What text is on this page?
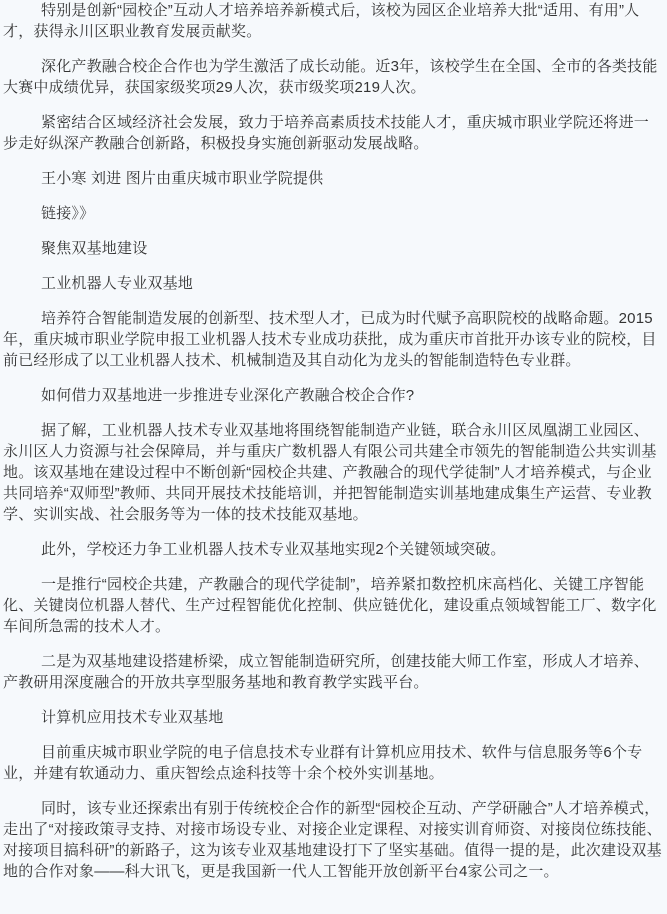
特别是创新“园校企”互动人才培养培养新模式后，该校为园区企业培养大批“适用、有用”人才，获得永川区职业教育发展贡献奖。

深化产教融合校企合作也为学生激活了成长动能。近3年，该校学生在全国、全市的各类技能大赛中成绩优异，获国家级奖项29人次，获市级奖项219人次。

紧密结合区域经济社会发展，致力于培养高素质技术技能人才，重庆城市职业学院还将进一步走好纵深产教融合创新路，积极投身实施创新驱动发展战略。

王小寒 刘进 图片由重庆城市职业学院提供

链接》》

聚焦双基地建设

工业机器人专业双基地

培养符合智能制造发展的创新型、技术型人才，已成为时代赋予高职院校的战略命题。2015年，重庆城市职业学院申报工业机器人技术专业成功获批，成为重庆市首批开办该专业的院校，目前已经形成了以工业机器人技术、机械制造及其自动化为龙头的智能制造特色专业群。

如何借力双基地进一步推进专业深化产教融合校企合作?

据了解，工业机器人技术专业双基地将围绕智能制造产业链，联合永川区凤凰湖工业园区、永川区人力资源与社会保障局，并与重庆广数机器人有限公司共建全市领先的智能制造公共实训基地。该双基地在建设过程中不断创新“园校企共建、产教融合的现代学徒制”人才培养模式，与企业共同培养“双师型”教师、共同开展技术技能培训，并把智能制造实训基地建成集生产运营、专业教学、实训实战、社会服务等为一体的技术技能双基地。

此外，学校还力争工业机器人技术专业双基地实现2个关键领域突破。

一是推行“园校企共建，产教融合的现代学徒制”，培养紧扣数控机床高档化、关键工序智能化、关键岗位机器人替代、生产过程智能优化控制、供应链优化，建设重点领域智能工厂、数字化车间所急需的技术人才。

二是为双基地建设搭建桥梁，成立智能制造研究所，创建技能大师工作室，形成人才培养、产教研用深度融合的开放共享型服务基地和教育教学实践平台。

计算机应用技术专业双基地

目前重庆城市职业学院的电子信息技术专业群有计算机应用技术、软件与信息服务等6个专业，并建有软通动力、重庆智绘点途科技等十余个校外实训基地。

同时，该专业还探索出有别于传统校企合作的新型“园校企互动、产学研融合”人才培养模式，走出了“对接政策寻支持、对接市场设专业、对接企业定课程、对接实训育师资、对接岗位练技能、对接项目搞科研”的新路子，这为该专业双基地建设打下了坚实基础。值得一提的是，此次建设双基地的合作对象——科大讯飞，更是我国新一代人工智能开放创新平台4家公司之一。
